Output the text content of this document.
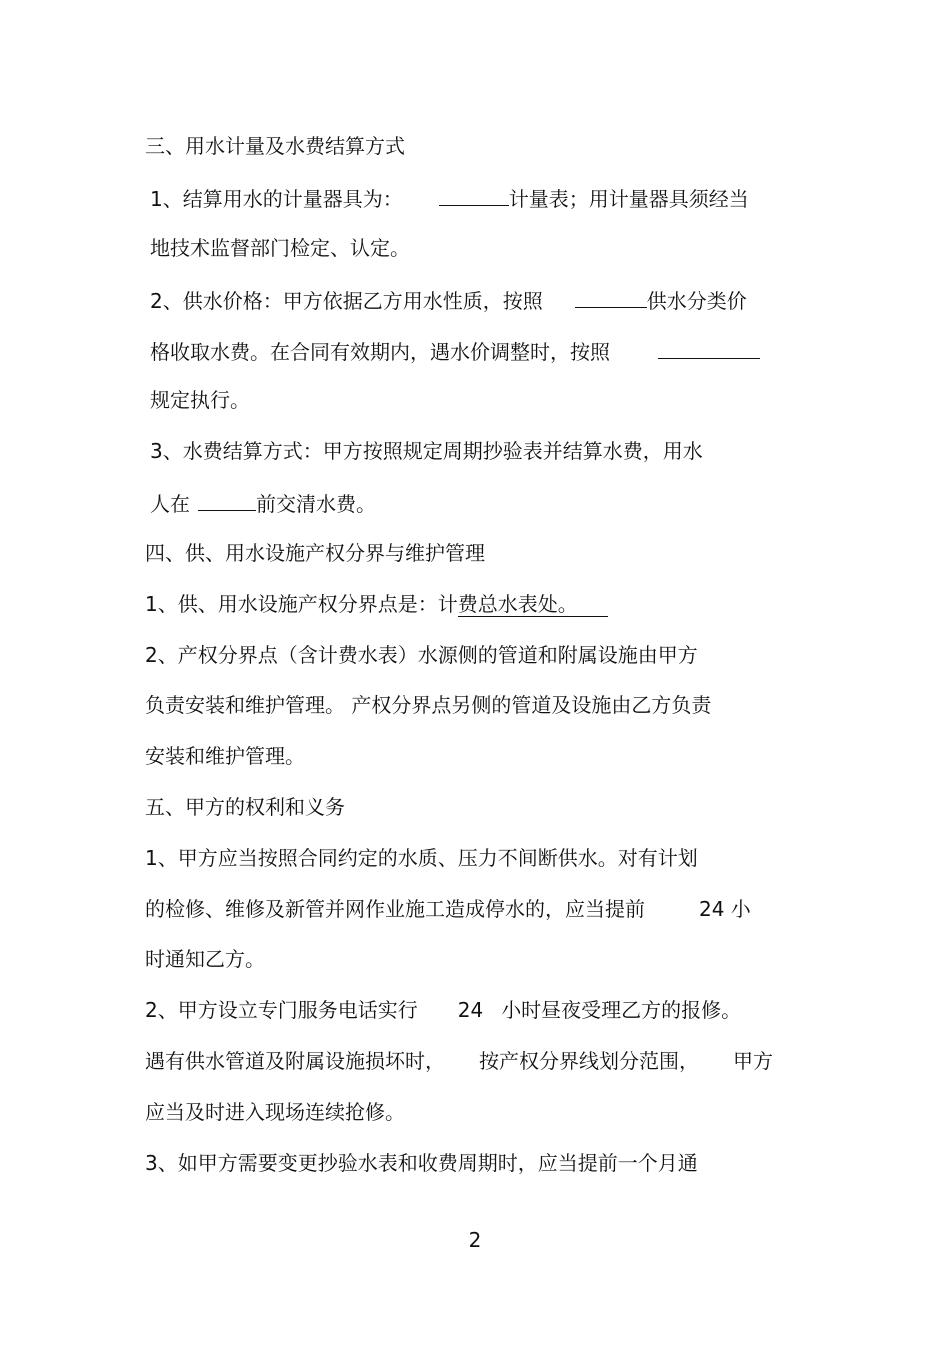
三、用水计量及水费结算方式
1、结算用水的计量器具为：	计量表；用计量器具须经当
地技术监督部门检定、认定。
2、供水价格：甲方依据乙方用水性质，按照	供水分类价
格收取水费。在合同有效期内，遇水价调整时，按照
规定执行。
3、水费结算方式：甲方按照规定周期抄验表并结算水费，用水
人在	前交清水费。
四、供、用水设施产权分界与维护管理
1、供、用水设施产权分界点是：计费总水表处。
2、产权分界点（含计费水表）水源侧的管道和附属设施由甲方
负责安装和维护管理。 产权分界点另侧的管道及设施由乙方负责
安装和维护管理。
五、甲方的权利和义务
1、甲方应当按照合同约定的水质、压力不间断供水。对有计划
的检修、维修及新管并网作业施工造成停水的，应当提前	24 小
时通知乙方。
2、甲方设立专门服务电话实行 24 小时昼夜受理乙方的报修。
遇有供水管道及附属设施损坏时， 按产权分界线划分范围， 甲方
应当及时进入现场连续抢修。
3、如甲方需要变更抄验水表和收费周期时，应当提前一个月通
2
